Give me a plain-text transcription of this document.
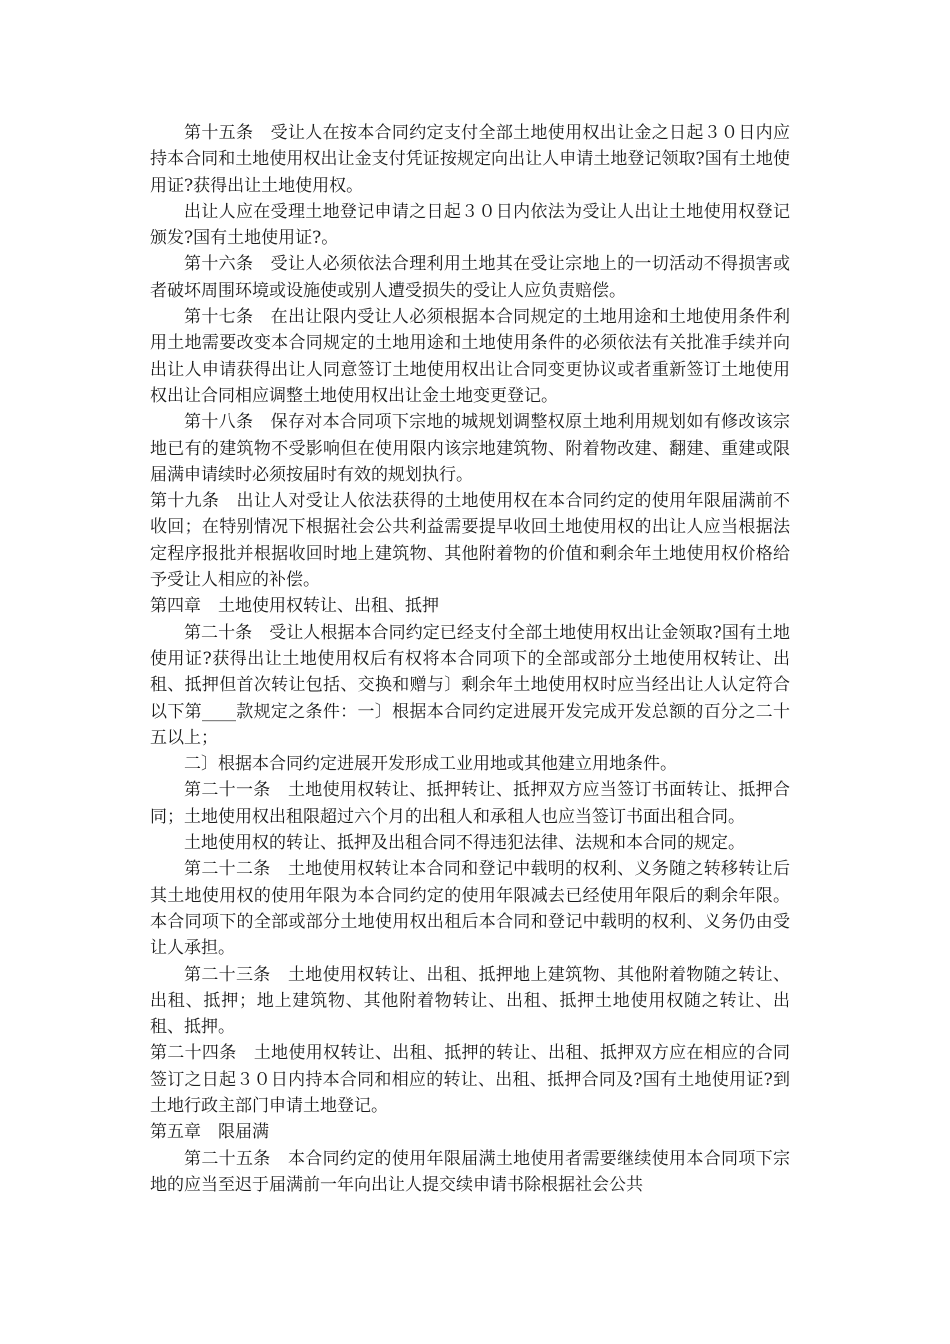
第十五条　受让人在按本合同约定支付全部土地使用权出让金之日起３０日内应持本合同和土地使用权出让金支付凭证按规定向出让人申请土地登记领取?国有土地使用证?获得出让土地使用权。

出让人应在受理土地登记申请之日起３０日内依法为受让人出让土地使用权登记颁发?国有土地使用证?。

第十六条　受让人必须依法合理利用土地其在受让宗地上的一切活动不得损害或者破坏周围环境或设施使或别人遭受损失的受让人应负责赔偿。

第十七条　在出让限内受让人必须根据本合同规定的土地用途和土地使用条件利用土地需要改变本合同规定的土地用途和土地使用条件的必须依法有关批准手续并向出让人申请获得出让人同意签订土地使用权出让合同变更协议或者重新签订土地使用权出让合同相应调整土地使用权出让金土地变更登记。

第十八条　保存对本合同项下宗地的城规划调整权原土地利用规划如有修改该宗地已有的建筑物不受影响但在使用限内该宗地建筑物、附着物改建、翻建、重建或限届满申请续时必须按届时有效的规划执行。

第十九条　出让人对受让人依法获得的土地使用权在本合同约定的使用年限届满前不收回；在特别情况下根据社会公共利益需要提早收回土地使用权的出让人应当根据法定程序报批并根据收回时地上建筑物、其他附着物的价值和剩余年土地使用权价格给予受让人相应的补偿。

第四章　土地使用权转让、出租、抵押

第二十条　受让人根据本合同约定已经支付全部土地使用权出让金领取?国有土地使用证?获得出让土地使用权后有权将本合同项下的全部或部分土地使用权转让、出租、抵押但首次转让包括、交换和赠与〕剩余年土地使用权时应当经出让人认定符合以下第____款规定之条件：一〕根据本合同约定进展开发完成开发总额的百分之二十五以上；

二〕根据本合同约定进展开发形成工业用地或其他建立用地条件。

第二十一条　土地使用权转让、抵押转让、抵押双方应当签订书面转让、抵押合同；土地使用权出租限超过六个月的出租人和承租人也应当签订书面出租合同。

土地使用权的转让、抵押及出租合同不得违犯法律、法规和本合同的规定。

第二十二条　土地使用权转让本合同和登记中载明的权利、义务随之转移转让后其土地使用权的使用年限为本合同约定的使用年限减去已经使用年限后的剩余年限。本合同项下的全部或部分土地使用权出租后本合同和登记中载明的权利、义务仍由受让人承担。

第二十三条　土地使用权转让、出租、抵押地上建筑物、其他附着物随之转让、出租、抵押；地上建筑物、其他附着物转让、出租、抵押土地使用权随之转让、出租、抵押。

第二十四条　土地使用权转让、出租、抵押的转让、出租、抵押双方应在相应的合同签订之日起３０日内持本合同和相应的转让、出租、抵押合同及?国有土地使用证?到土地行政主部门申请土地登记。

第五章　限届满

第二十五条　本合同约定的使用年限届满土地使用者需要继续使用本合同项下宗地的应当至迟于届满前一年向出让人提交续申请书除根据社会公共
